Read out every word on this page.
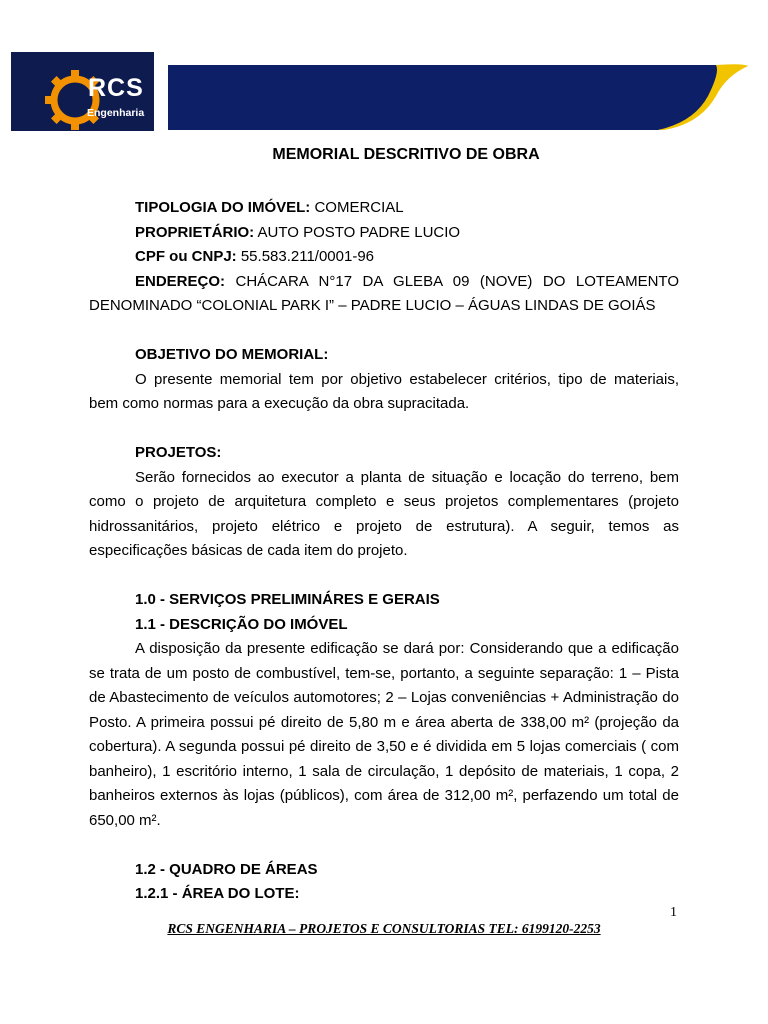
RCS
Engenharia
MEMORIAL DESCRITIVO DE OBRA

TIPOLOGIA DO IMÓVEL: COMERCIAL

PROPRIETÁRIO: AUTO POSTO PADRE LUCIO

CPF ou CNPJ: 55.583.211/0001-96

ENDEREÇO: CHÁCARA N°17 DA GLEBA 09 (NOVE) DO LOTEAMENTO DENOMINADO “COLONIAL PARK I” – PADRE LUCIO – ÁGUAS LINDAS DE GOIÁS

OBJETIVO DO MEMORIAL:

O presente memorial tem por objetivo estabelecer critérios, tipo de materiais, bem como normas para a execução da obra supracitada.

PROJETOS:

Serão fornecidos ao executor a planta de situação e locação do terreno, bem como o projeto de arquitetura completo e seus projetos complementares (projeto hidrossanitários, projeto elétrico e projeto de estrutura). A seguir, temos as especificações básicas de cada item do projeto.

1.0 - SERVIÇOS PRELIMINÁRES E GERAIS

1.1 - DESCRIÇÃO DO IMÓVEL

A disposição da presente edificação se dará por: Considerando que a edificação se trata de um posto de combustível, tem-se, portanto, a seguinte separação: 1 – Pista de Abastecimento de veículos automotores; 2 – Lojas conveniências + Administração do Posto. A primeira possui pé direito de 5,80 m e área aberta de 338,00 m² (projeção da cobertura). A segunda possui pé direito de 3,50 e é dividida em 5 lojas comerciais ( com banheiro), 1 escritório interno, 1 sala de circulação, 1 depósito de materiais, 1 copa, 2 banheiros externos às lojas (públicos), com área de 312,00 m², perfazendo um total de 650,00 m².

1.2 - QUADRO DE ÁREAS

1.2.1 - ÁREA DO LOTE:

1
RCS ENGENHARIA – PROJETOS E CONSULTORIAS TEL: 6199120-2253
